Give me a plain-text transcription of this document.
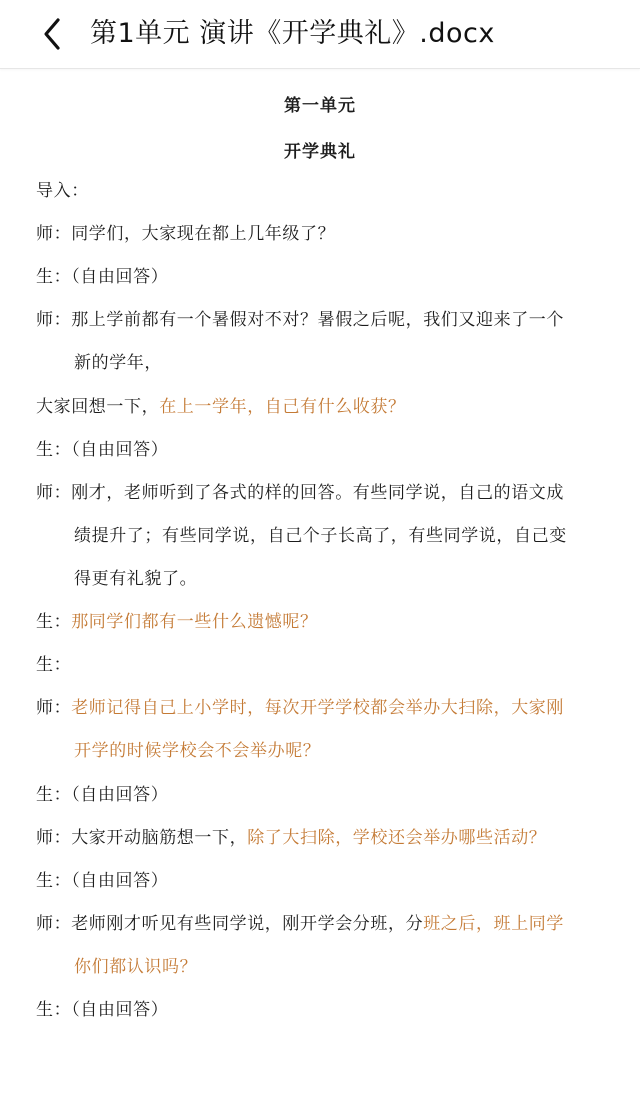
第1单元 演讲《开学典礼》.docx
第一单元
开学典礼
导入：
师：同学们，大家现在都上几年级了？
生：（自由回答）
师：那上学前都有一个暑假对不对？暑假之后呢，我们又迎来了一个
新的学年，
大家回想一下，在上一学年，自己有什么收获？
生：（自由回答）
师：刚才，老师听到了各式的样的回答。有些同学说，自己的语文成
绩提升了；有些同学说，自己个子长高了，有些同学说，自己变
得更有礼貌了。
生：那同学们都有一些什么遗憾呢？
生：
师：老师记得自己上小学时，每次开学学校都会举办大扫除，大家刚
开学的时候学校会不会举办呢？
生：（自由回答）
师：大家开动脑筋想一下，除了大扫除，学校还会举办哪些活动？
生：（自由回答）
师：老师刚才听见有些同学说，刚开学会分班，分班之后，班上同学
你们都认识吗？
生：（自由回答）
